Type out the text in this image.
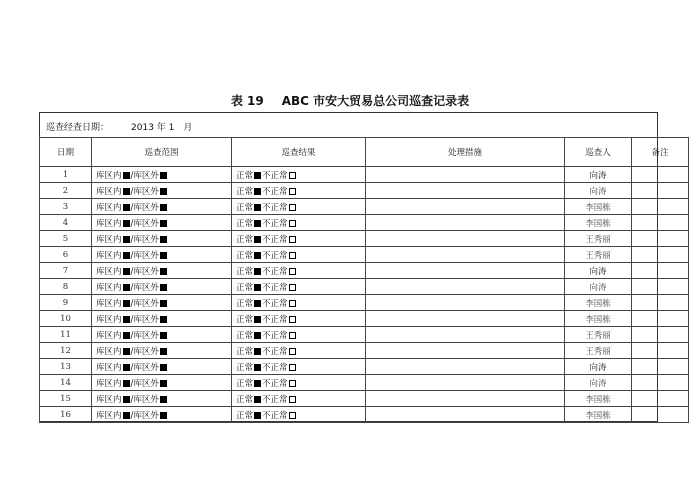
表 19 ABC 市安大贸易总公司巡查记录表
巡查经查日期： 2013 年 1　月
日期	巡查范围	巡查结果	处理措施	巡查人	备注
1	库区内 /库区外	正常 不正常		向涛	
2	库区内 /库区外	正常 不正常		向涛	
3	库区内 /库区外	正常 不正常		李国栋	
4	库区内 /库区外	正常 不正常		李国栋	
5	库区内 /库区外	正常 不正常		王秀丽	
6	库区内 /库区外	正常 不正常		王秀丽	
7	库区内 /库区外	正常 不正常		向涛	
8	库区内 /库区外	正常 不正常		向涛	
9	库区内 /库区外	正常 不正常		李国栋	
10	库区内 /库区外	正常 不正常		李国栋	
11	库区内 /库区外	正常 不正常		王秀丽	
12	库区内 /库区外	正常 不正常		王秀丽	
13	库区内 /库区外	正常 不正常		向涛	
14	库区内 /库区外	正常 不正常		向涛	
15	库区内 /库区外	正常 不正常		李国栋	
16	库区内 /库区外	正常 不正常		李国栋	
